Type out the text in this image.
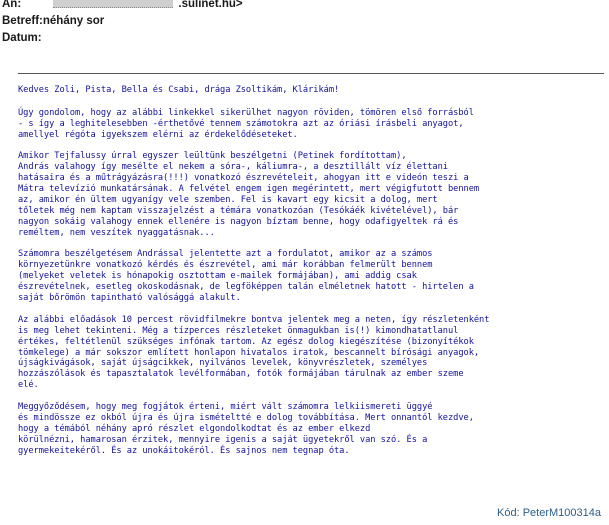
An:	.sulinet.hu>
Betreff:néhány sor
Datum:

Kedves Zoli, Pista, Bella és Csabi, drága Zsoltikám, Klárikám!

Úgy gondolom, hogy az alábbi linkekkel sikerülhet nagyon röviden, tömören első forrásból
- s így a leghitelesebben -érthetővé tennem számotokra azt az óriási írásbeli anyagot,
amellyel régóta igyekszem elérni az érdekelődéseteket.

Amikor Tejfalussy úrral egyszer leültünk beszélgetni (Petinek fordítottam),
András valahogy így mesélte el nekem a sóra-, káliumra-, a desztillált víz élettani
hatásaira és a műtrágyázásra(!!!) vonatkozó észrevételeit, ahogyan itt e videón teszi a
Mátra televízió munkatársának. A felvétel engem igen megérintett, mert végigfutott bennem
az, amikor én ültem ugyanígy vele szemben. Fel is kavart egy kicsit a dolog, mert
tőletek még nem kaptam visszajelzést a témára vonatkozóan (Tesókáék kivételével), bár
nagyon sokáig valahogy ennek ellenére is nagyon bíztam benne, hogy odafigyeltek rá és
reméltem, nem veszítek nyaggatásnak...

Számomra beszélgetésem Andrással jelentette azt a fordulatot, amikor az a számos
környezetünkre vonatkozó kérdés és észrevétel, ami már korábban felmerült bennem
(melyeket veletek is hónapokig osztottam e-mailek formájában), ami addig csak
észrevételnek, esetleg okoskodásnak, de legföképpen talán elméletnek hatott - hirtelen a
saját bőrömön tapintható valósággá alakult.

Az alábbi előadások 10 percest rövidfilmekre bontva jelentek meg a neten, így részletenként
is meg lehet tekinteni. Még a tízperces részleteket önmagukban is(!) kimondhatatlanul
értékes, feltétlenül szükséges infónak tartom. Az egész dolog kiegészítése (bizonyítékok
tömkelege) a már sokszor említett honlapon hivatalos iratok, bescannelt bírósági anyagok,
újságkivágások, saját újságcikkek, nyilvános levelek, könyvrészletek, személyes
hozzászólások és tapasztalatok levélformában, fotók formájában tárulnak az ember szeme
elé.

Meggyőződésem, hogy meg fogjátok érteni, miért vált számomra lelkiismereti üggyé
és mindössze ez okból újra és újra ismételtté e dolog továbbítása. Mert onnantól kezdve,
hogy a témából néhány apró részlet elgondolkodtat és az ember elkezd
körülnézni, hamarosan érzitek, mennyire igenis a saját ügyetekről van szó. És a
gyermekeitekéről. És az unokáitokéról. És sajnos nem tegnap óta.

Kód: PeterM100314a
